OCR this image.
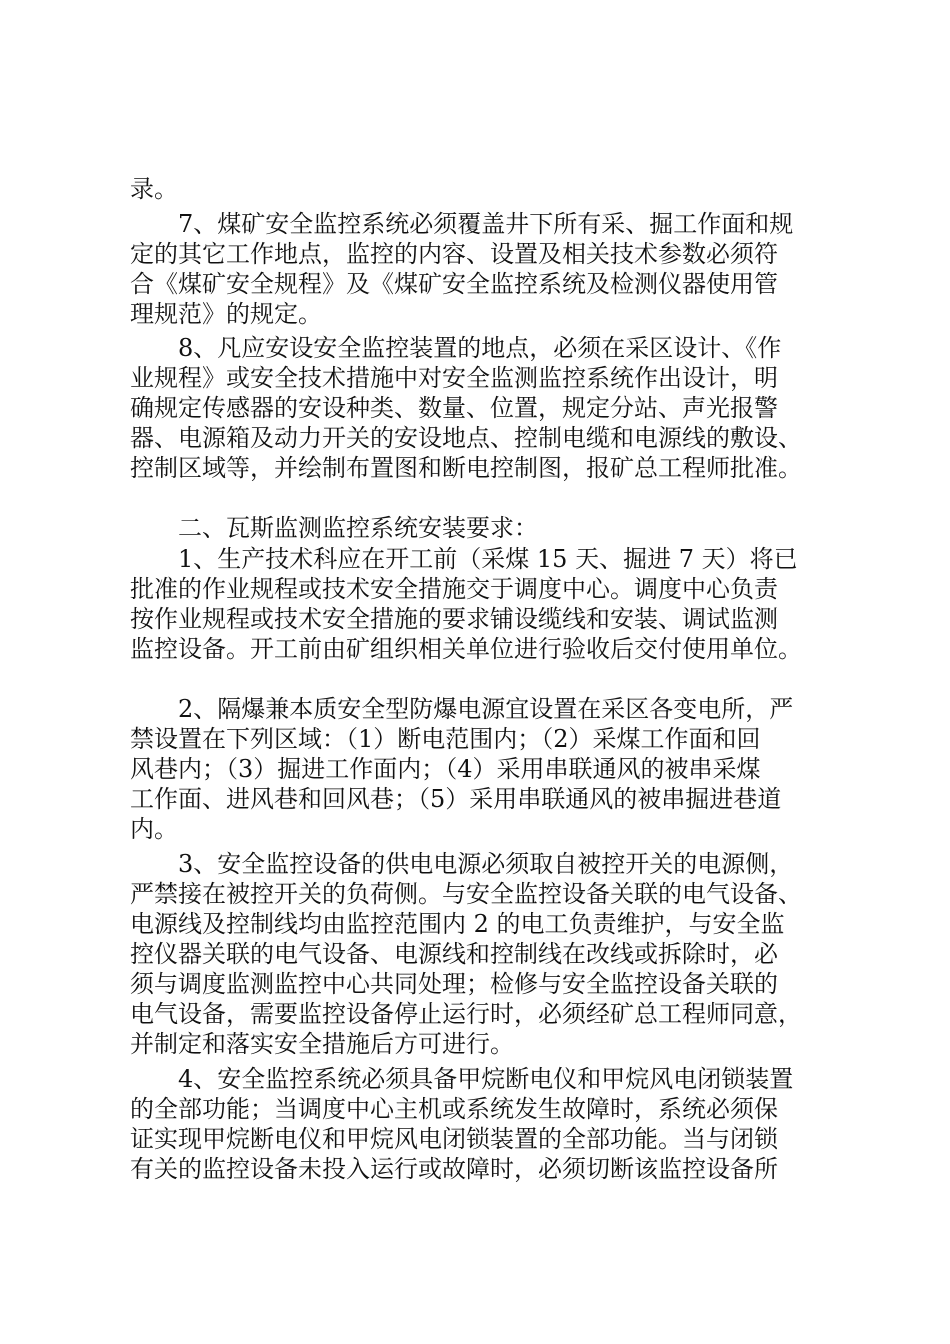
录。
7、煤矿安全监控系统必须覆盖井下所有采、掘工作面和规
定的其它工作地点，监控的内容、设置及相关技术参数必须符
合《煤矿安全规程》及《煤矿安全监控系统及检测仪器使用管
理规范》的规定。
8、凡应安设安全监控装置的地点，必须在采区设计、《作
业规程》或安全技术措施中对安全监测监控系统作出设计，明
确规定传感器的安设种类、数量、位置，规定分站、声光报警
器、电源箱及动力开关的安设地点、控制电缆和电源线的敷设、
控制区域等，并绘制布置图和断电控制图，报矿总工程师批准。
二、瓦斯监测监控系统安装要求：
1、生产技术科应在开工前（采煤 15 天、掘进 7 天）将已
批准的作业规程或技术安全措施交于调度中心。调度中心负责
按作业规程或技术安全措施的要求铺设缆线和安装、调试监测
监控设备。开工前由矿组织相关单位进行验收后交付使用单位。
2、隔爆兼本质安全型防爆电源宜设置在采区各变电所，严
禁设置在下列区域：（1）断电范围内；（2）采煤工作面和回
风巷内；（3）掘进工作面内；（4）采用串联通风的被串采煤
工作面、进风巷和回风巷；（5）采用串联通风的被串掘进巷道
内。
3、安全监控设备的供电电源必须取自被控开关的电源侧，
严禁接在被控开关的负荷侧。与安全监控设备关联的电气设备、
电源线及控制线均由监控范围内 2 的电工负责维护，与安全监
控仪器关联的电气设备、电源线和控制线在改线或拆除时，必
须与调度监测监控中心共同处理；检修与安全监控设备关联的
电气设备，需要监控设备停止运行时，必须经矿总工程师同意，
并制定和落实安全措施后方可进行。
4、安全监控系统必须具备甲烷断电仪和甲烷风电闭锁装置
的全部功能；当调度中心主机或系统发生故障时，系统必须保
证实现甲烷断电仪和甲烷风电闭锁装置的全部功能。当与闭锁
有关的监控设备未投入运行或故障时，必须切断该监控设备所
